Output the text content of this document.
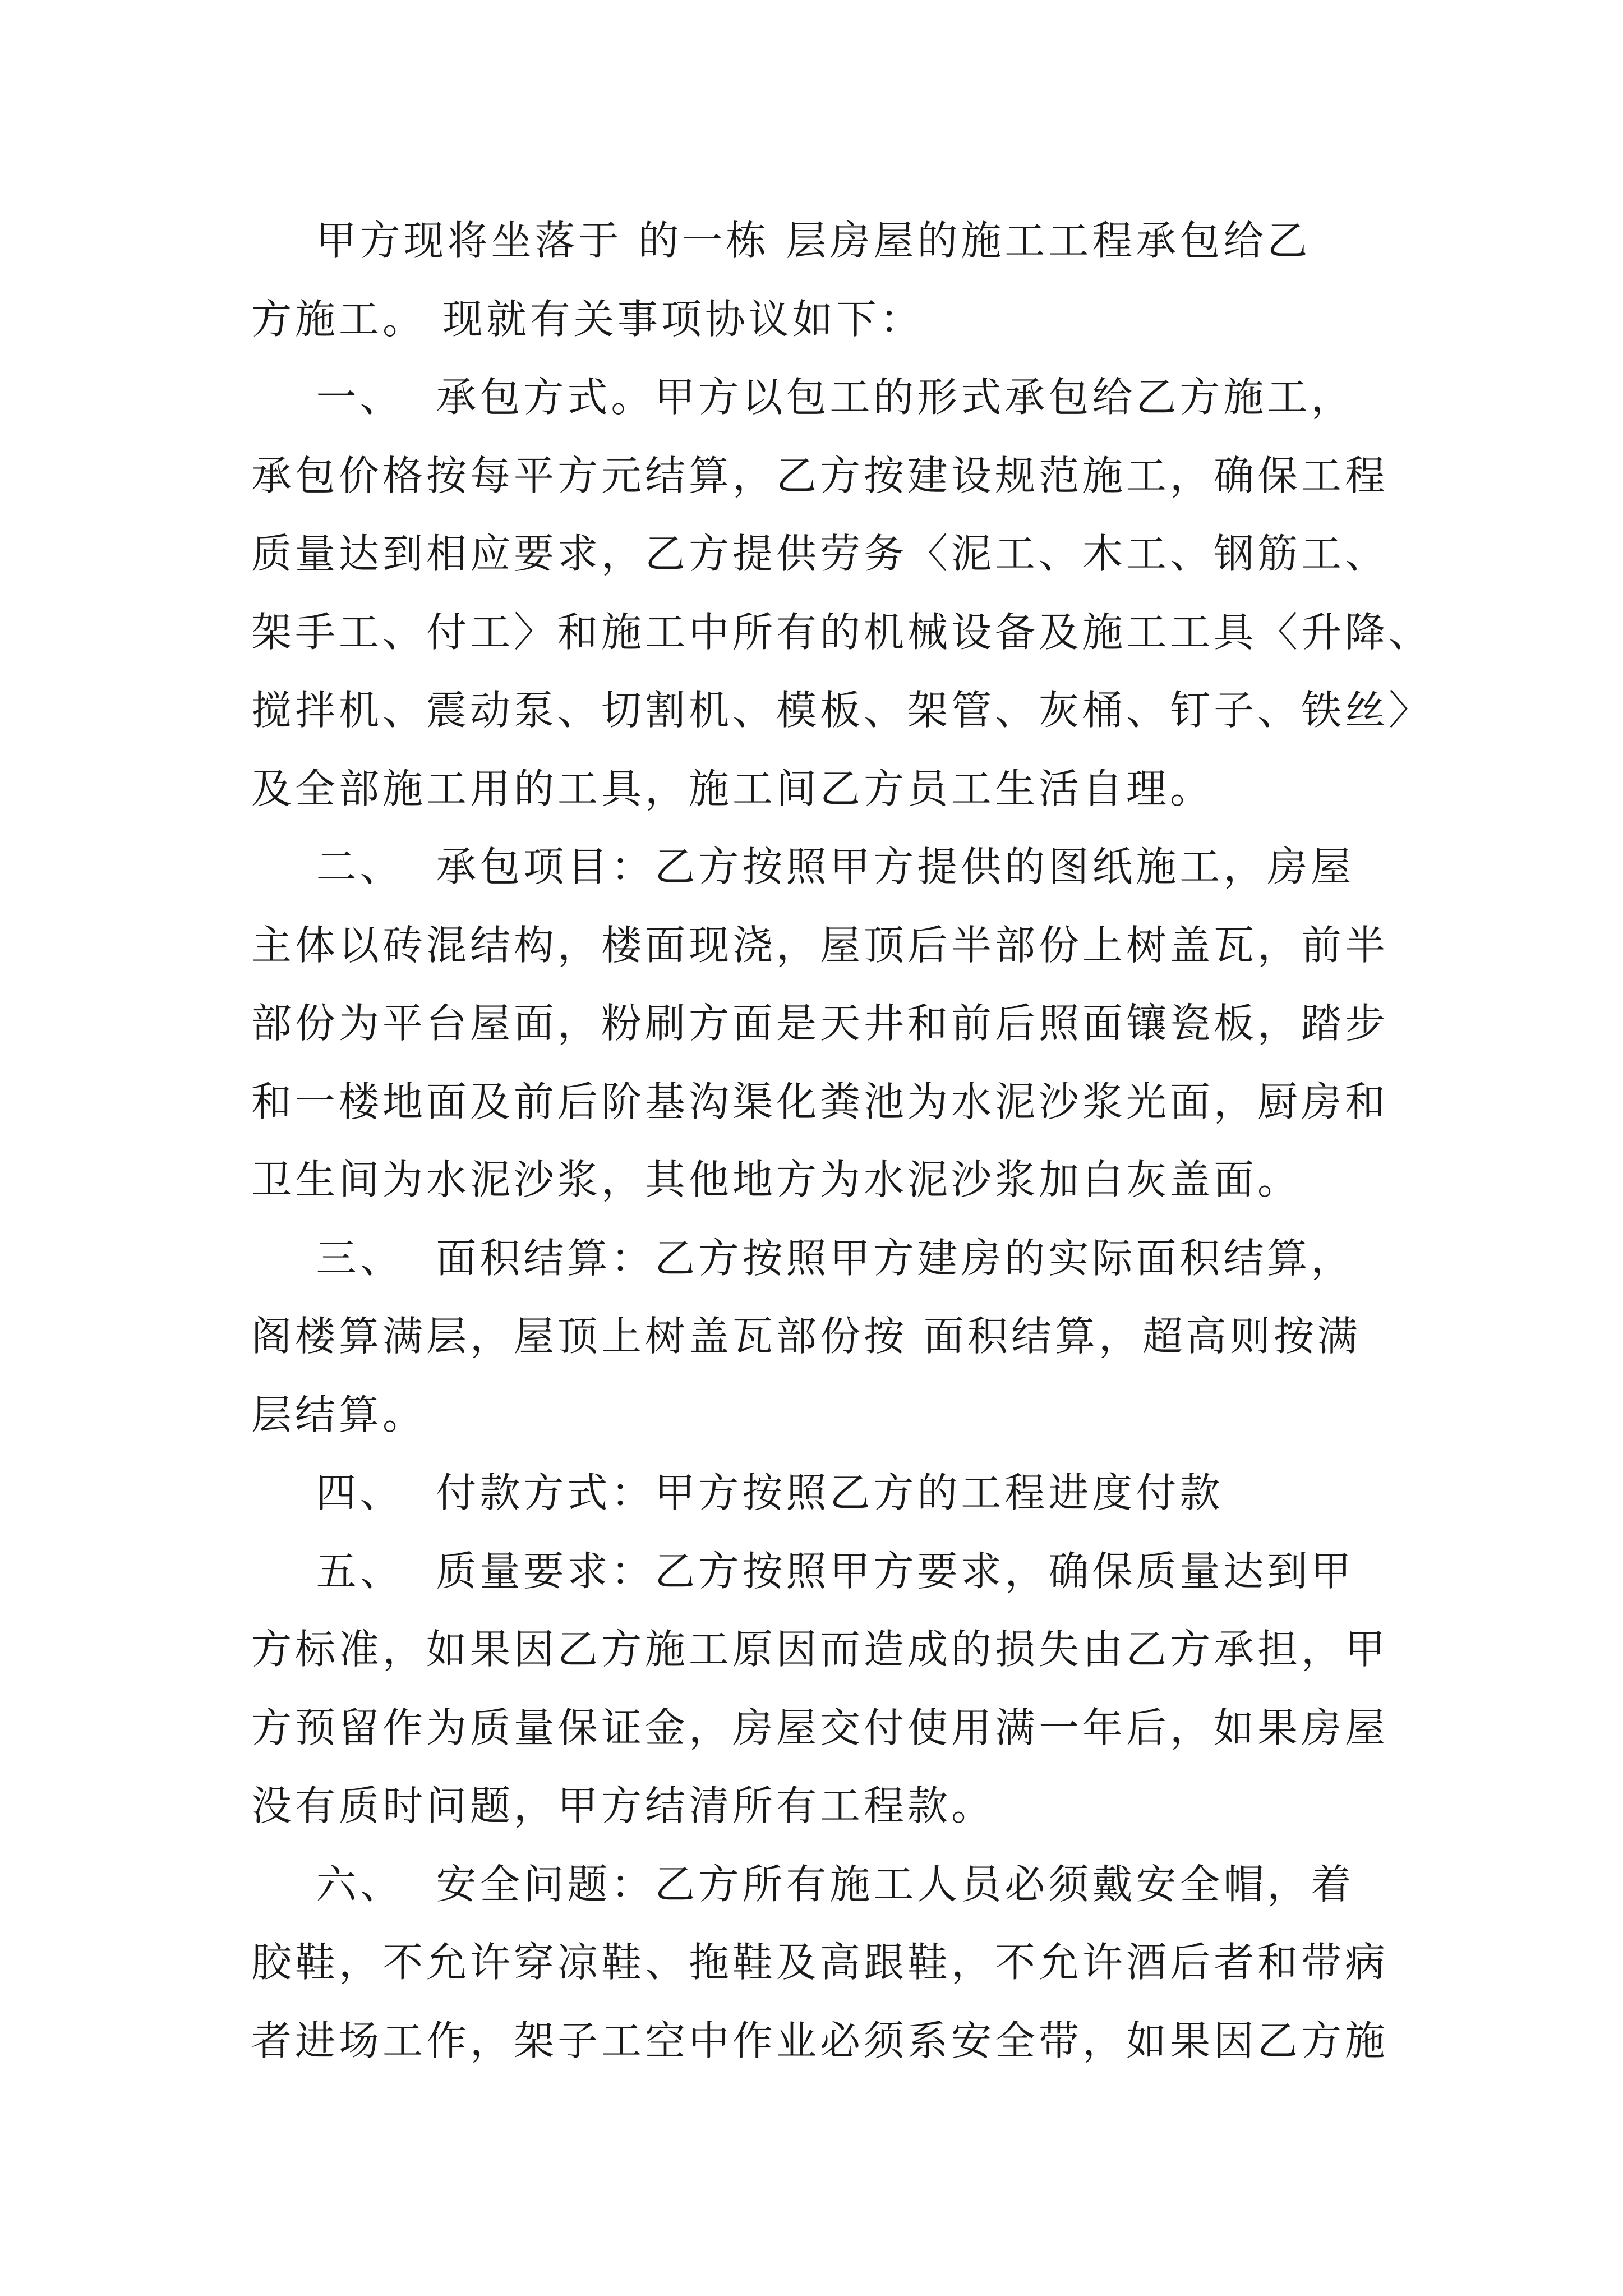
甲方现将坐落于 的一栋 层房屋的施工工程承包给乙
方施工。 现就有关事项协议如下：
一、  承包方式。甲方以包工的形式承包给乙方施工，
承包价格按每平方元结算，乙方按建设规范施工，确保工程
质量达到相应要求，乙方提供劳务〈泥工、木工、钢筋工、
架手工、付工〉和施工中所有的机械设备及施工工具〈升降、
搅拌机、震动泵、切割机、模板、架管、灰桶、钉子、铁丝〉
及全部施工用的工具，施工间乙方员工生活自理。
二、  承包项目：乙方按照甲方提供的图纸施工，房屋
主体以砖混结构，楼面现浇，屋顶后半部份上树盖瓦，前半
部份为平台屋面，粉刷方面是天井和前后照面镶瓷板，踏步
和一楼地面及前后阶基沟渠化粪池为水泥沙浆光面，厨房和
卫生间为水泥沙浆，其他地方为水泥沙浆加白灰盖面。
三、  面积结算：乙方按照甲方建房的实际面积结算，
阁楼算满层，屋顶上树盖瓦部份按 面积结算，超高则按满
层结算。
四、  付款方式：甲方按照乙方的工程进度付款
五、  质量要求：乙方按照甲方要求，确保质量达到甲
方标准，如果因乙方施工原因而造成的损失由乙方承担，甲
方预留作为质量保证金，房屋交付使用满一年后，如果房屋
没有质时问题，甲方结清所有工程款。
六、  安全问题：乙方所有施工人员必须戴安全帽，着
胶鞋，不允许穿凉鞋、拖鞋及高跟鞋，不允许酒后者和带病
者进场工作，架子工空中作业必须系安全带，如果因乙方施
